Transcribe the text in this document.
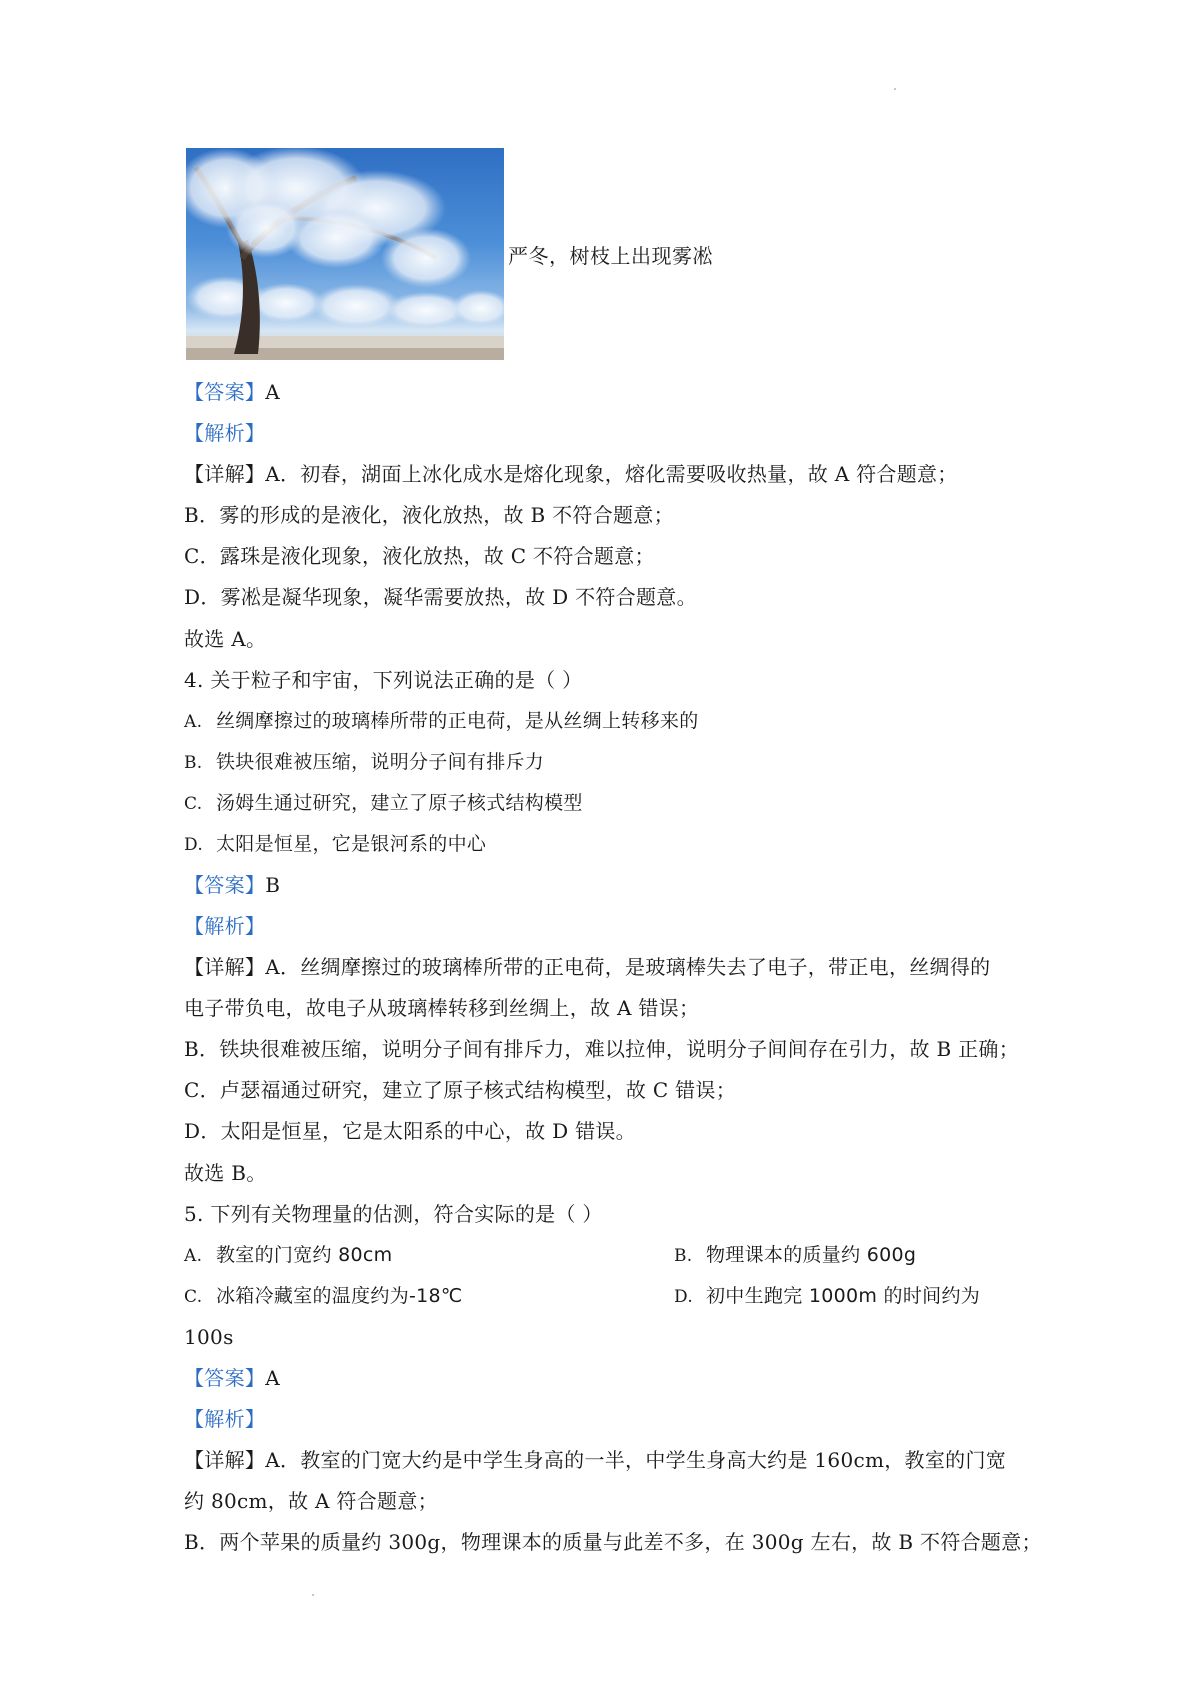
严冬，树枝上出现雾凇
【答案】A
【解析】
【详解】A．初春，湖面上冰化成水是熔化现象，熔化需要吸收热量，故 A 符合题意；
B．雾的形成的是液化，液化放热，故 B 不符合题意；
C．露珠是液化现象，液化放热，故 C 不符合题意；
D．雾凇是凝华现象，凝华需要放热，故 D 不符合题意。
故选 A。
4. 关于粒子和宇宙，下列说法正确的是（ ）
A. 丝绸摩擦过的玻璃棒所带的正电荷，是从丝绸上转移来的
B. 铁块很难被压缩，说明分子间有排斥力
C. 汤姆生通过研究，建立了原子核式结构模型
D. 太阳是恒星，它是银河系的中心
【答案】B
【解析】
【详解】A．丝绸摩擦过的玻璃棒所带的正电荷，是玻璃棒失去了电子，带正电，丝绸得的
电子带负电，故电子从玻璃棒转移到丝绸上，故 A 错误；
B．铁块很难被压缩，说明分子间有排斥力，难以拉伸，说明分子间间存在引力，故 B 正确；
C．卢瑟福通过研究，建立了原子核式结构模型，故 C 错误；
D．太阳是恒星，它是太阳系的中心，故 D 错误。
故选 B。
5. 下列有关物理量的估测，符合实际的是（ ）
A. 教室的门宽约 80cm	B. 物理课本的质量约 600g
C. 冰箱冷藏室的温度约为-18℃	D. 初中生跑完 1000m 的时间约为
100s
【答案】A
【解析】
【详解】A．教室的门宽大约是中学生身高的一半，中学生身高大约是 160cm，教室的门宽
约 80cm，故 A 符合题意；
B．两个苹果的质量约 300g，物理课本的质量与此差不多，在 300g 左右，故 B 不符合题意；
